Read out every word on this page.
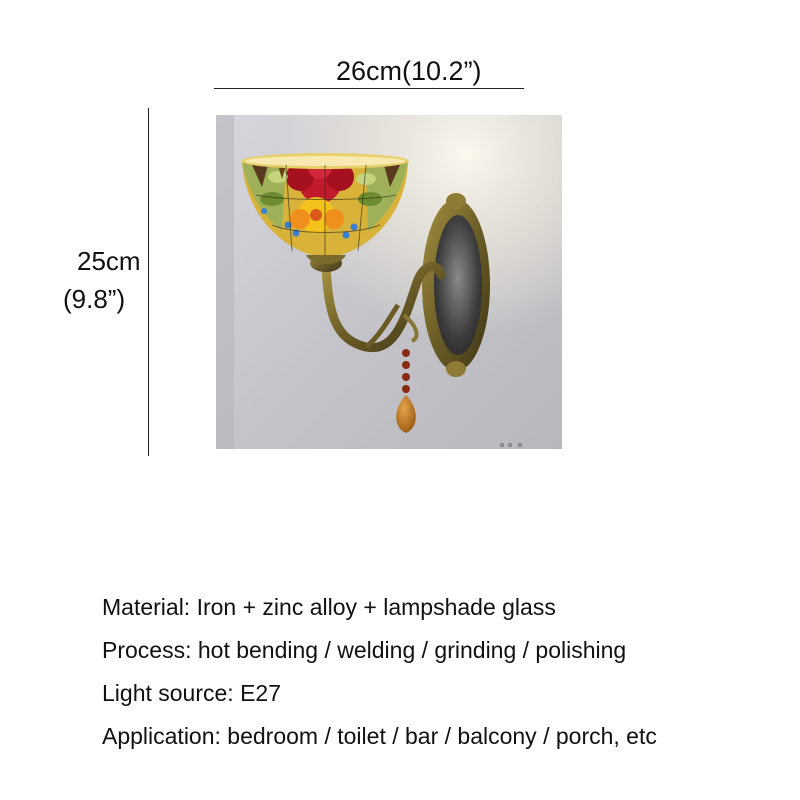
26cm(10.2”)
25cm
(9.8”)
Material: Iron + zinc alloy + lampshade glass
Process: hot bending / welding / grinding / polishing
Light source: E27
Application: bedroom / toilet / bar / balcony / porch, etc
